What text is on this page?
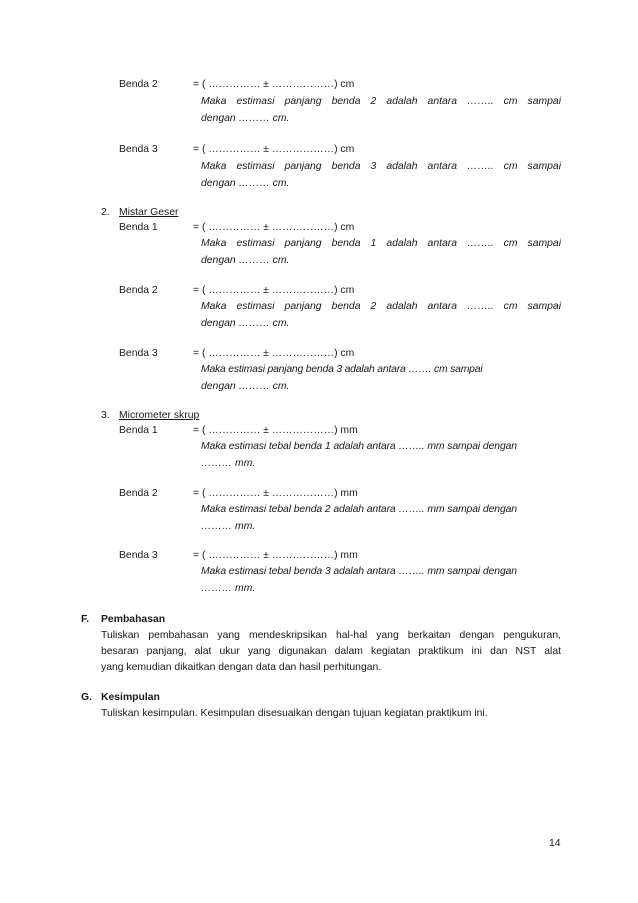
Benda 2	= ( …………… ± ………………) cm
Maka estimasi panjang benda 2 adalah antara …….. cm sampai
dengan ……… cm.
Benda 3	= ( …………… ± ………………) cm
Maka estimasi panjang benda 3 adalah antara …….. cm sampai
dengan ……… cm.
2. Mistar Geser
Benda 1	= ( …………… ± ………………) cm
Maka estimasi panjang benda 1 adalah antara …….. cm sampai
dengan ……… cm.
Benda 2	= ( …………… ± ………………) cm
Maka estimasi panjang benda 2 adalah antara …….. cm sampai
dengan ……… cm.
Benda 3	= ( …………… ± ………………) cm
Maka estimasi panjang benda 3 adalah antara ……. cm sampai
dengan ……… cm.
3. Micrometer skrup
Benda 1	= ( …………… ± ………………) mm
Maka estimasi tebal benda 1 adalah antara …….. mm sampai dengan
……… mm.
Benda 2	= ( …………… ± ………………) mm
Maka estimasi tebal benda 2 adalah antara …….. mm sampai dengan
……… mm.
Benda 3	= ( …………… ± ………………) mm
Maka estimasi tebal benda 3 adalah antara …….. mm sampai dengan
……… mm.
F. Pembahasan
Tuliskan pembahasan yang mendeskripsikan hal-hal yang berkaitan dengan pengukuran,
besaran panjang, alat ukur yang digunakan dalam kegiatan praktikum ini dan NST alat
yang kemudian dikaitkan dengan data dan hasil perhitungan.
G. Kesimpulan
Tuliskan kesimpulan. Kesimpulan disesuaikan dengan tujuan kegiatan praktikum ini.
14
